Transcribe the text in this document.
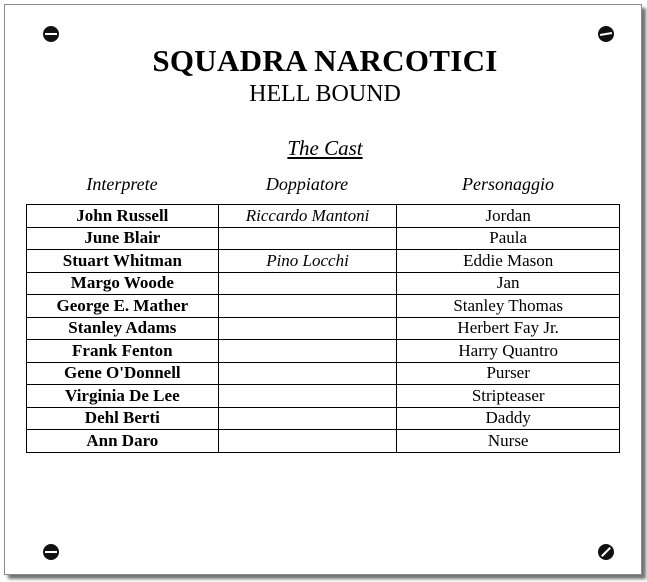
SQUADRA NARCOTICI
HELL BOUND
The Cast
Interprete	Doppiatore	Personaggio
John Russell	Riccardo Mantoni	Jordan
June Blair		Paula
Stuart Whitman	Pino Locchi	Eddie Mason
Margo Woode		Jan
George E. Mather		Stanley Thomas
Stanley Adams		Herbert Fay Jr.
Frank Fenton		Harry Quantro
Gene O'Donnell		Purser
Virginia De Lee		Stripteaser
Dehl Berti		Daddy
Ann Daro		Nurse
